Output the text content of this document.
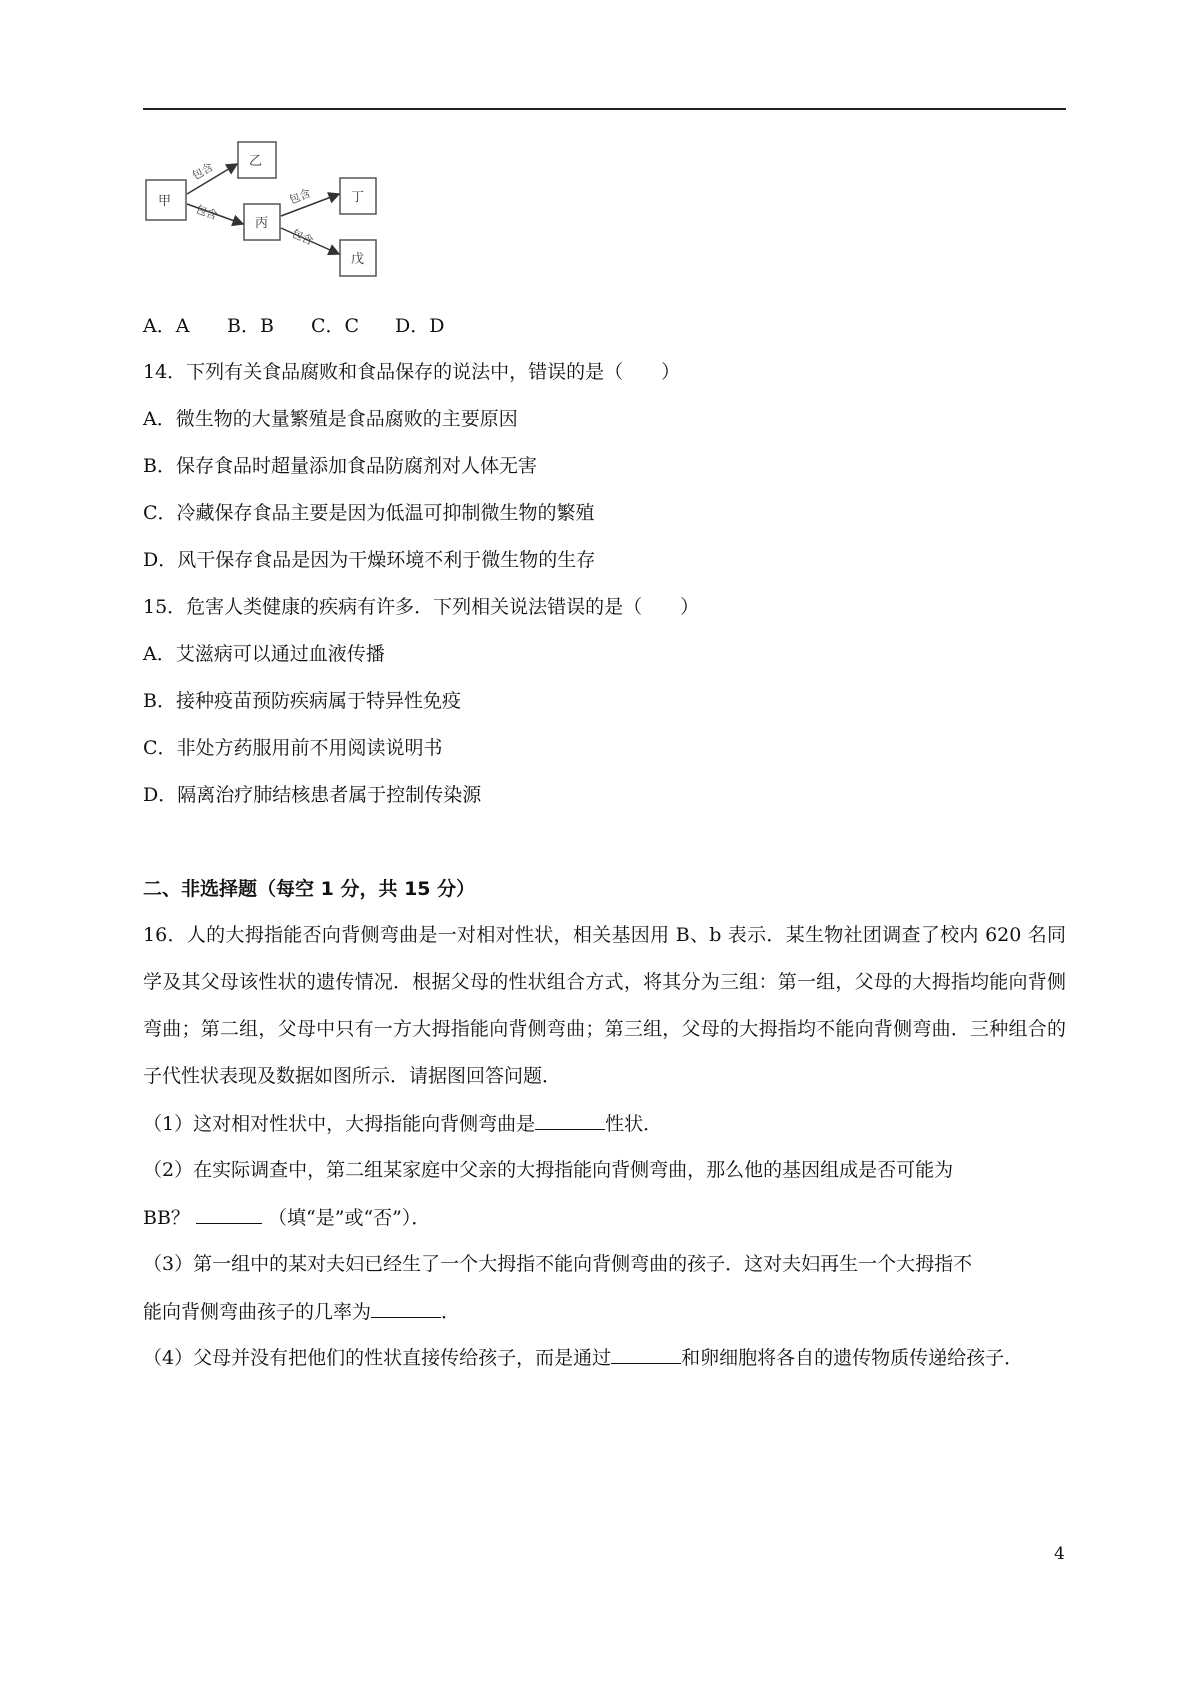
甲
乙
丙
丁
戊
包含
包含
包含
包含
A．A B．B C．C D．D
14．下列有关食品腐败和食品保存的说法中，错误的是（　　）
A．微生物的大量繁殖是食品腐败的主要原因
B．保存食品时超量添加食品防腐剂对人体无害
C．冷藏保存食品主要是因为低温可抑制微生物的繁殖
D．风干保存食品是因为干燥环境不利于微生物的生存
15．危害人类健康的疾病有许多．下列相关说法错误的是（　　）
A．艾滋病可以通过血液传播
B．接种疫苗预防疾病属于特异性免疫
C．非处方药服用前不用阅读说明书
D．隔离治疗肺结核患者属于控制传染源
二、非选择题（每空 1 分，共 15 分）
16．人的大拇指能否向背侧弯曲是一对相对性状，相关基因用 B、b 表示．某生物社团调查了校内 620 名同学及其父母该性状的遗传情况．根据父母的性状组合方式，将其分为三组：第一组，父母的大拇指均能向背侧弯曲；第二组，父母中只有一方大拇指能向背侧弯曲；第三组，父母的大拇指均不能向背侧弯曲．三种组合的子代性状表现及数据如图所示．请据图回答问题．
（1）这对相对性状中，大拇指能向背侧弯曲是	性状．
（2）在实际调查中，第二组某家庭中父亲的大拇指能向背侧弯曲，那么他的基因组成是否可能为
BB？	（填“是”或“否”）．
（3）第一组中的某对夫妇已经生了一个大拇指不能向背侧弯曲的孩子．这对夫妇再生一个大拇指不
能向背侧弯曲孩子的几率为	．
（4）父母并没有把他们的性状直接传给孩子，而是通过	和卵细胞将各自的遗传物质传递给孩子．
4
